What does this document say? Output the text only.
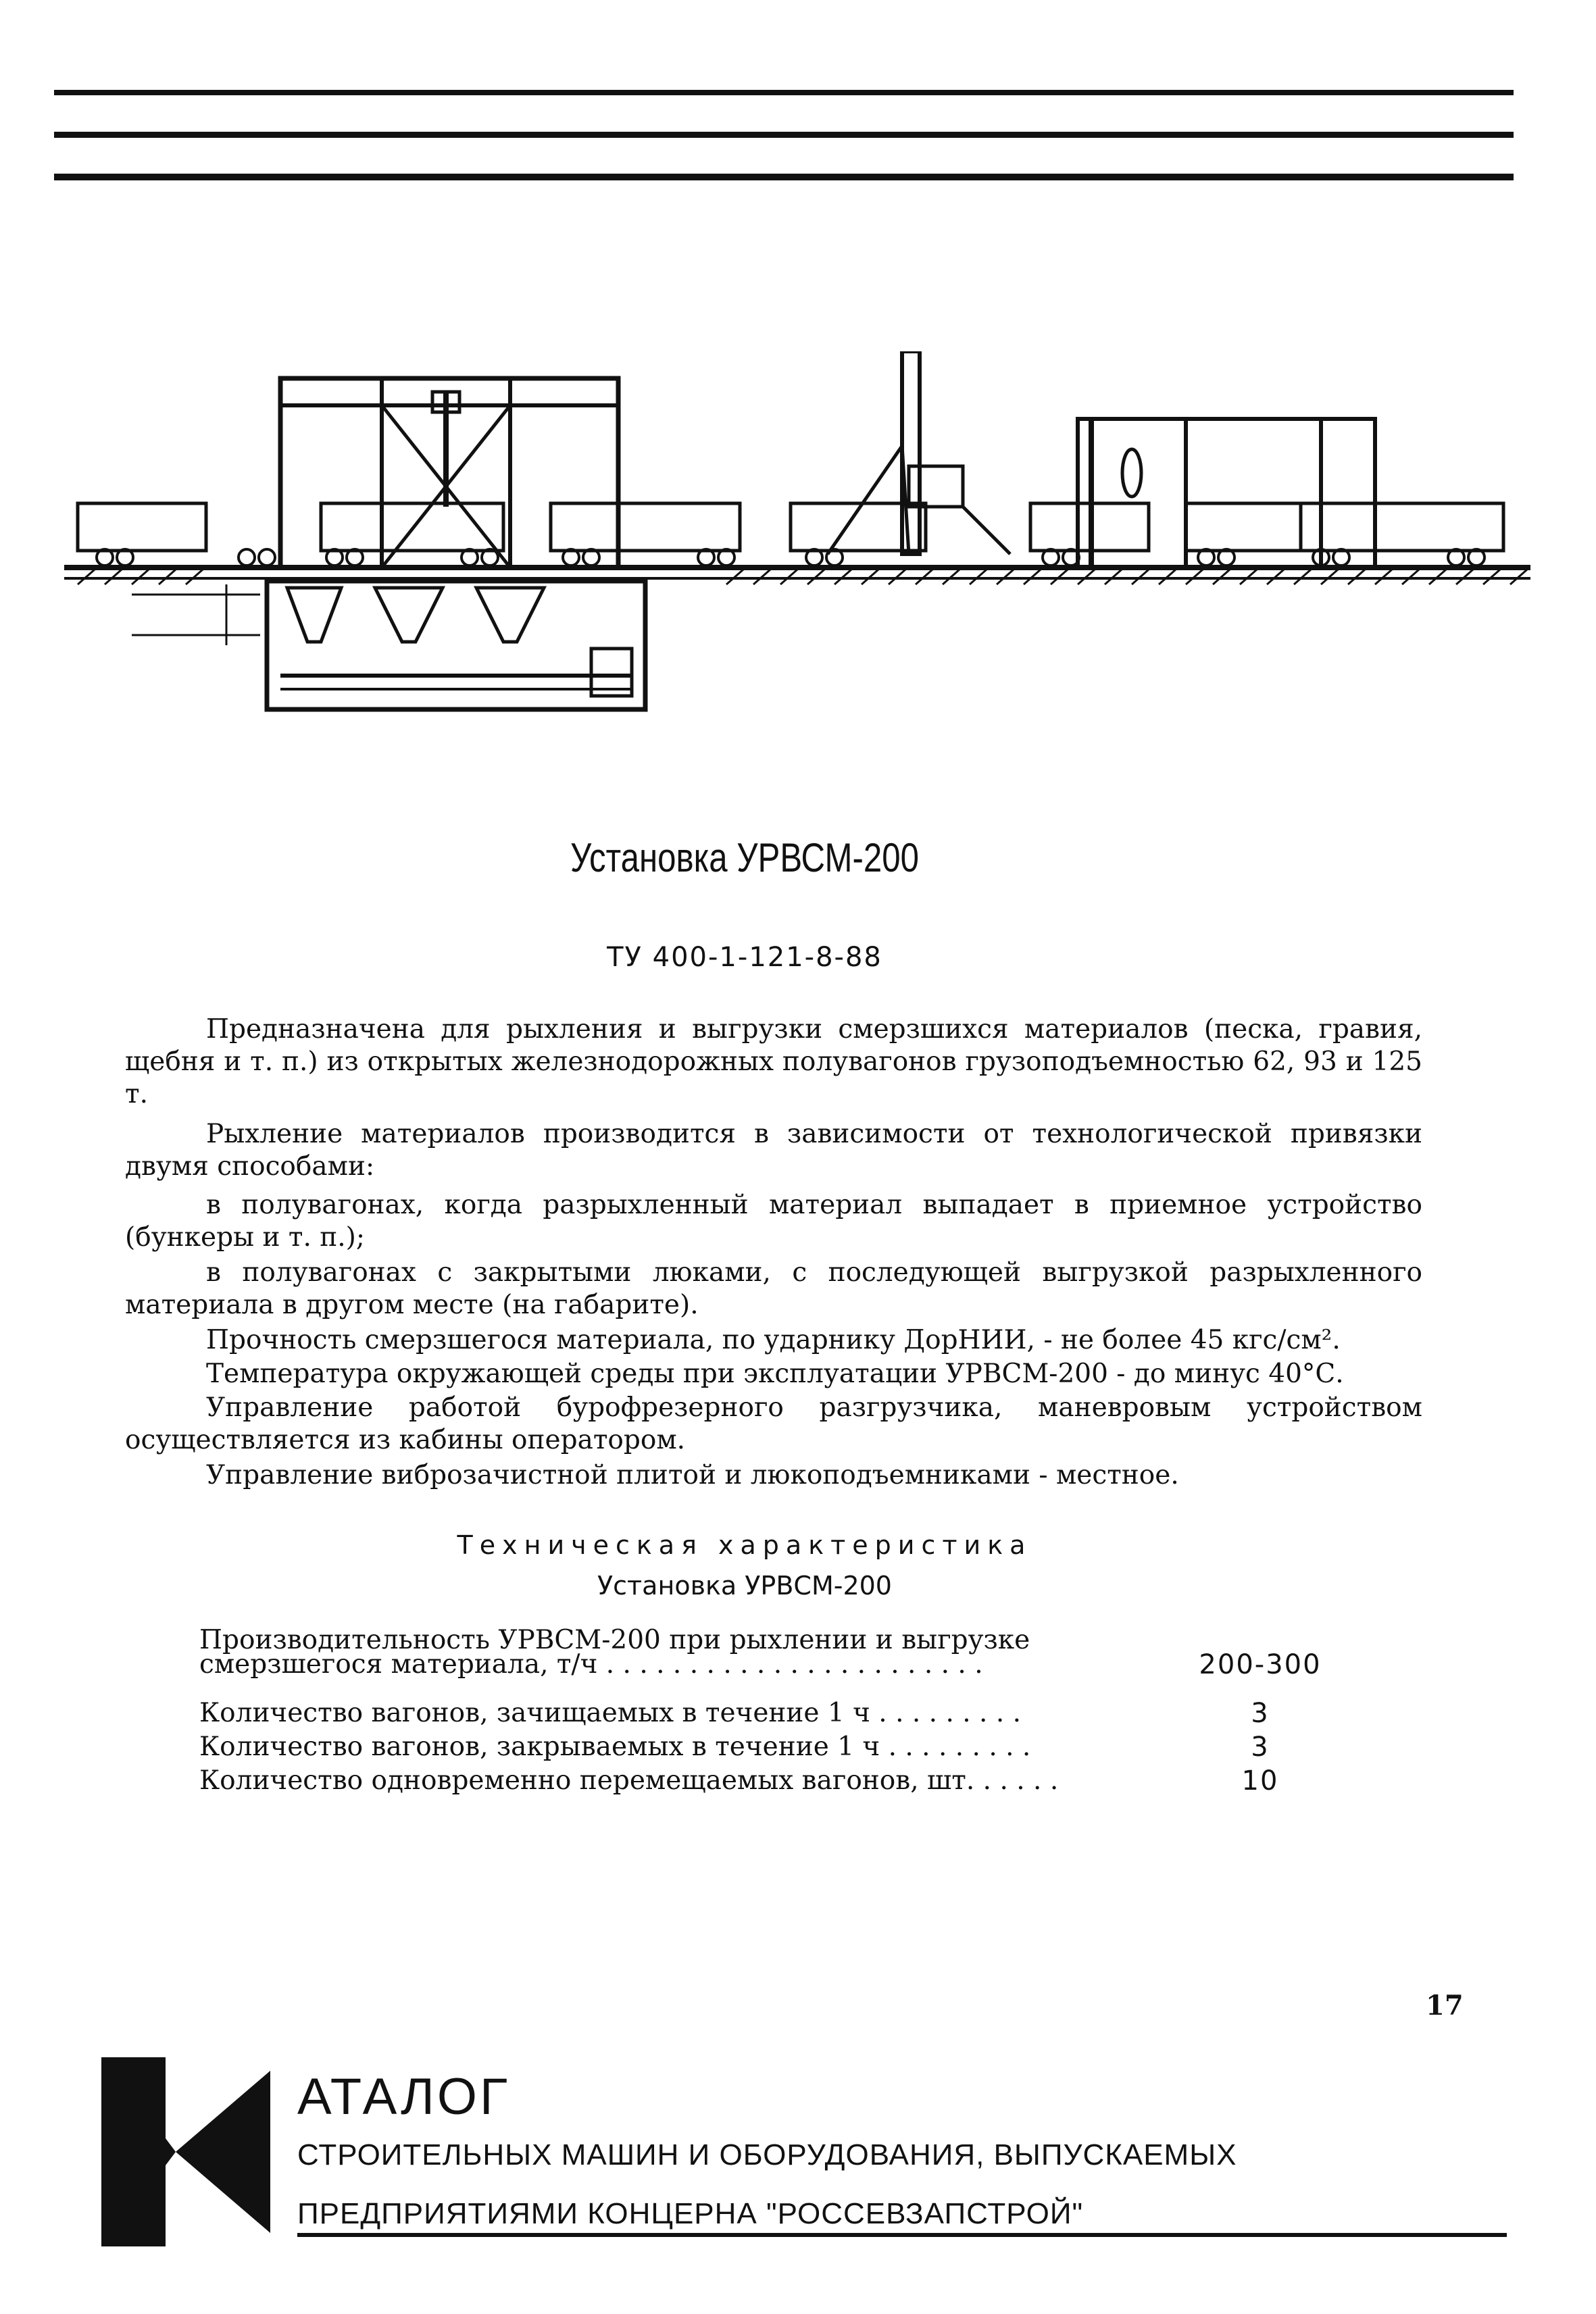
Установка УРВСМ-200
ТУ 400-1-121-8-88
Предназначена для рыхления и выгрузки смерзшихся материалов (песка, гравия, щебня и т. п.) из открытых железнодорожных полувагонов грузоподъемностью 62, 93 и 125 т.
Рыхление материалов производится в зависимости от технологической привязки двумя способами:
в полувагонах, когда разрыхленный материал выпадает в приемное устройство (бункеры и т. п.);
в полувагонах с закрытыми люками, с последующей выгрузкой разрыхленного материала в другом месте (на габарите).
Прочность смерзшегося материала, по ударнику ДорНИИ, - не более 45 кгс/см².
Температура окружающей среды при эксплуатации УРВСМ-200 - до минус 40°С.
Управление работой бурофрезерного разгрузчика, маневровым устройством осуществляется из кабины оператором.
Управление виброзачистной плитой и люкоподъемниками - местное.
Техническая характеристика
Установка УРВСМ-200
Производительность УРВСМ-200 при рыхлении и выгрузке
смерзшегося материала, т/ч . . . . . . . . . . . . . . . . . . . . . . .	200-300
Количество вагонов, зачищаемых в течение 1 ч . . . . . . . . .	3
Количество вагонов, закрываемых в течение 1 ч . . . . . . . . .	3
Количество одновременно перемещаемых вагонов, шт. . . . . .	10
17
АТАЛОГ
СТРОИТЕЛЬНЫХ МАШИН И ОБОРУДОВАНИЯ, ВЫПУСКАЕМЫХ
ПРЕДПРИЯТИЯМИ КОНЦЕРНА "РОССЕВЗАПСТРОЙ"
